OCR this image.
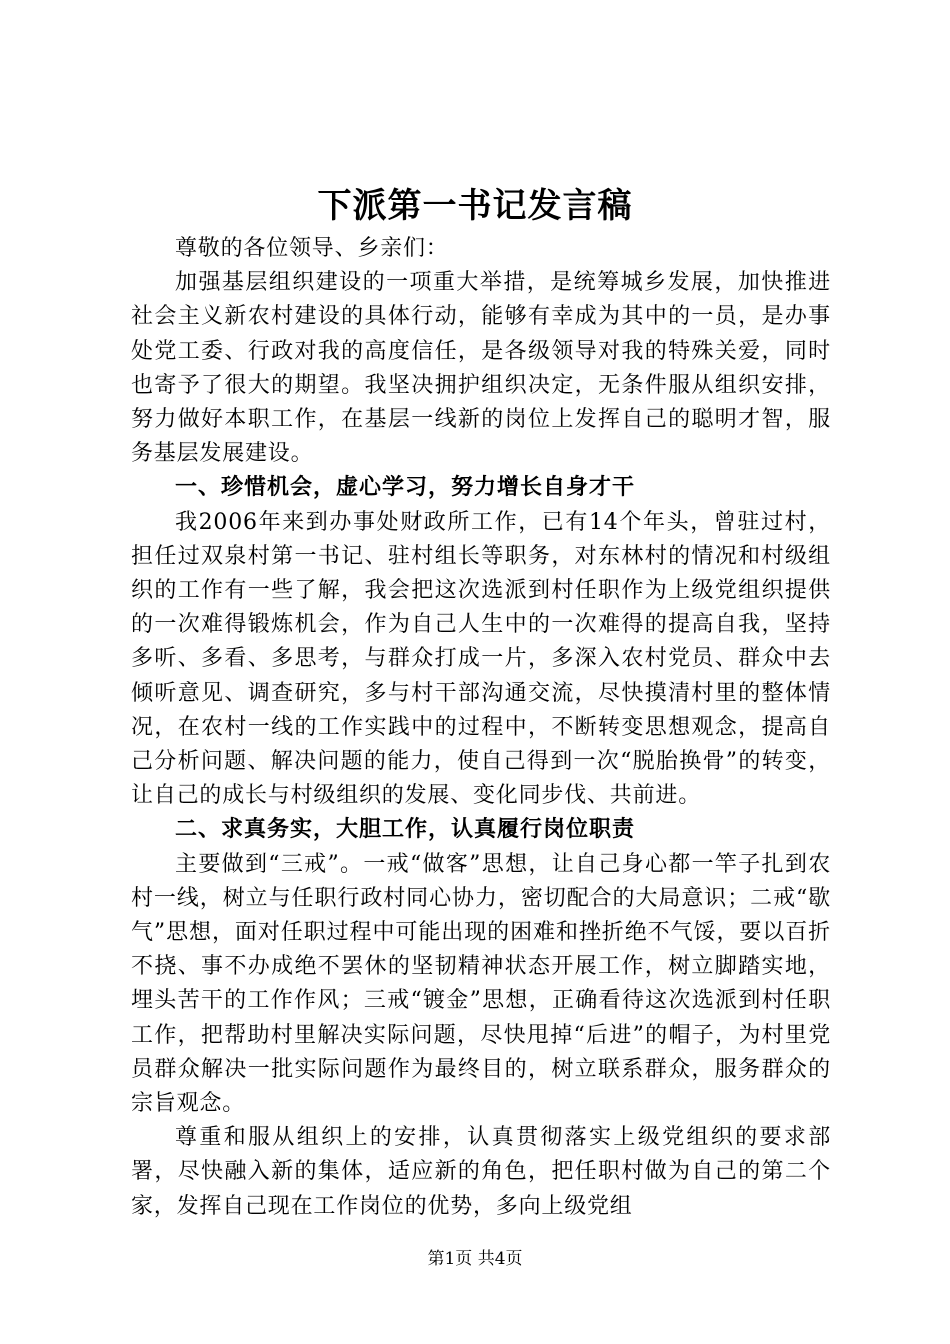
下派第一书记发言稿

尊敬的各位领导、乡亲们：

加强基层组织建设的一项重大举措，是统筹城乡发展，加快推进社会主义新农村建设的具体行动，能够有幸成为其中的一员，是办事处党工委、行政对我的高度信任，是各级领导对我的特殊关爱，同时也寄予了很大的期望。我坚决拥护组织决定，无条件服从组织安排，努力做好本职工作，在基层一线新的岗位上发挥自己的聪明才智，服务基层发展建设。

一、珍惜机会，虚心学习，努力增长自身才干

我2006年来到办事处财政所工作，已有14个年头，曾驻过村，担任过双泉村第一书记、驻村组长等职务，对东林村的情况和村级组织的工作有一些了解，我会把这次选派到村任职作为上级党组织提供的一次难得锻炼机会，作为自己人生中的一次难得的提高自我，坚持多听、多看、多思考，与群众打成一片，多深入农村党员、群众中去倾听意见、调查研究，多与村干部沟通交流，尽快摸清村里的整体情况，在农村一线的工作实践中的过程中，不断转变思想观念，提高自己分析问题、解决问题的能力，使自己得到一次“脱胎换骨”的转变，让自己的成长与村级组织的发展、变化同步伐、共前进。

二、求真务实，大胆工作，认真履行岗位职责

主要做到“三戒”。一戒“做客”思想，让自己身心都一竿子扎到农村一线，树立与任职行政村同心协力，密切配合的大局意识；二戒“歇气”思想，面对任职过程中可能出现的困难和挫折绝不气馁，要以百折不挠、事不办成绝不罢休的坚韧精神状态开展工作，树立脚踏实地，埋头苦干的工作作风；三戒“镀金”思想，正确看待这次选派到村任职工作，把帮助村里解决实际问题，尽快甩掉“后进”的帽子，为村里党员群众解决一批实际问题作为最终目的，树立联系群众，服务群众的宗旨观念。

尊重和服从组织上的安排，认真贯彻落实上级党组织的要求部署，尽快融入新的集体，适应新的角色，把任职村做为自己的第二个家，发挥自己现在工作岗位的优势，多向上级党组

第1页 共4页
